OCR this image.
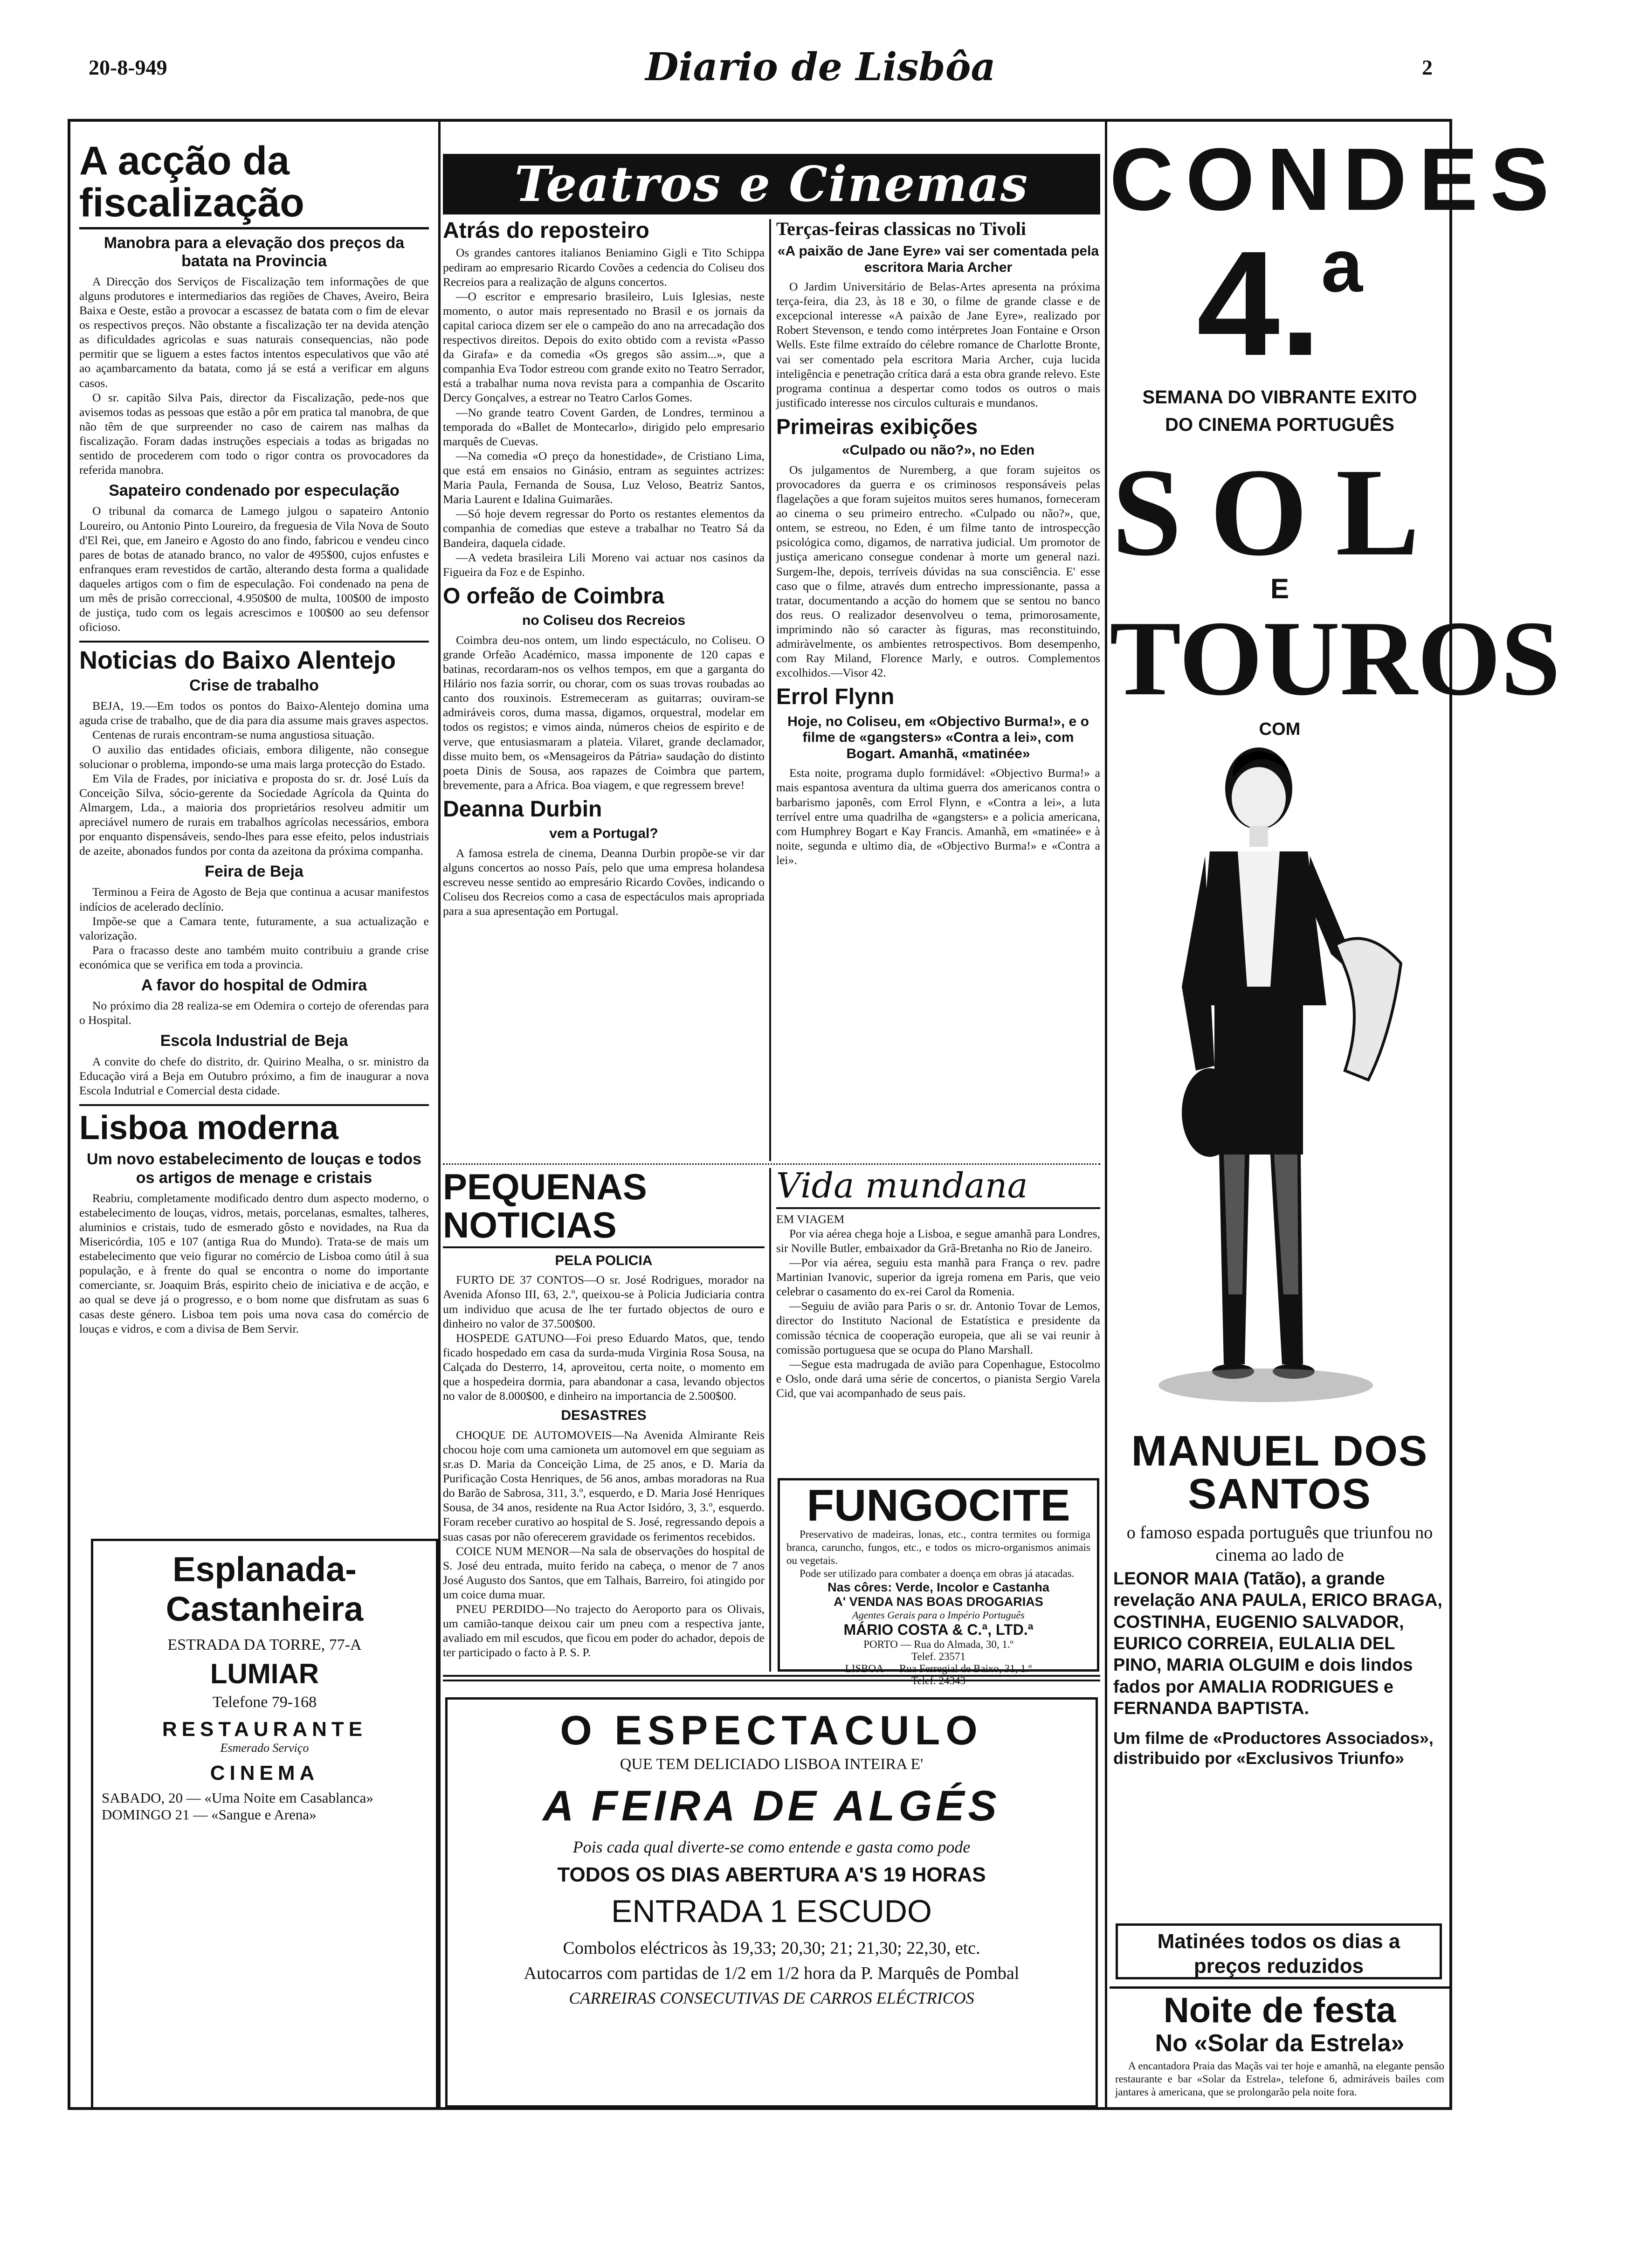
20-8-949	Diario de Lisbôa	2
A acção da fiscalização
Manobra para a elevação dos preços da batata na Provincia

A Direcção dos Serviços de Fiscalização tem informações de que alguns produtores e intermediarios das regiões de Chaves, Aveiro, Beira Baixa e Oeste, estão a provocar a escassez de batata com o fim de elevar os respectivos preços. Não obstante a fiscalização ter na devida atenção as dificuldades agricolas e suas naturais consequencias, não pode permitir que se liguem a estes factos intentos especulativos que vão até ao açambarcamento da batata, como já se está a verificar em alguns casos.

O sr. capitão Silva Pais, director da Fiscalização, pede-nos que avisemos todas as pessoas que estão a pôr em pratica tal manobra, de que não têm de que surpreender no caso de cairem nas malhas da fiscalização. Foram dadas instruções especiais a todas as brigadas no sentido de procederem com todo o rigor contra os provocadores da referida manobra.

Sapateiro condenado por especulação

O tribunal da comarca de Lamego julgou o sapateiro Antonio Loureiro, ou Antonio Pinto Loureiro, da freguesia de Vila Nova de Souto d'El Rei, que, em Janeiro e Agosto do ano findo, fabricou e vendeu cinco pares de botas de atanado branco, no valor de 495$00, cujos enfustes e enfranques eram revestidos de cartão, alterando desta forma a qualidade daqueles artigos com o fim de especulação. Foi condenado na pena de um mês de prisão correccional, 4.950$00 de multa, 100$00 de imposto de justiça, tudo com os legais acrescimos e 100$00 ao seu defensor oficioso.

Noticias do Baixo Alentejo
Crise de trabalho

BEJA, 19.—Em todos os pontos do Baixo-Alentejo domina uma aguda crise de trabalho, que de dia para dia assume mais graves aspectos.

Centenas de rurais encontram-se numa angustiosa situação.

O auxilio das entidades oficiais, embora diligente, não consegue solucionar o problema, impondo-se uma mais larga protecção do Estado.

Em Vila de Frades, por iniciativa e proposta do sr. dr. José Luís da Conceição Silva, sócio-gerente da Sociedade Agrícola da Quinta do Almargem, Lda., a maioria dos proprietários resolveu admitir um apreciável numero de rurais em trabalhos agrícolas necessários, embora por enquanto dispensáveis, sendo-lhes para esse efeito, pelos industriais de azeite, abonados fundos por conta da azeitona da próxima companha.

Feira de Beja

Terminou a Feira de Agosto de Beja que continua a acusar manifestos indícios de acelerado declínio.

Impõe-se que a Camara tente, futuramente, a sua actualização e valorização.

Para o fracasso deste ano também muito contribuiu a grande crise económica que se verifica em toda a provincia.

A favor do hospital de Odmira

No próximo dia 28 realiza-se em Odemira o cortejo de oferendas para o Hospital.

Escola Industrial de Beja

A convite do chefe do distrito, dr. Quirino Mealha, o sr. ministro da Educação virá a Beja em Outubro próximo, a fim de inaugurar a nova Escola Indutrial e Comercial desta cidade.

Lisboa moderna
Um novo estabelecimento de louças e todos os artigos de menage e cristais

Reabriu, completamente modificado dentro dum aspecto moderno, o estabelecimento de louças, vidros, metais, porcelanas, esmaltes, talheres, aluminios e cristais, tudo de esmerado gôsto e novidades, na Rua da Misericórdia, 105 e 107 (antiga Rua do Mundo). Trata-se de mais um estabelecimento que veio figurar no comércio de Lisboa como útil à sua população, e à frente do qual se encontra o nome do importante comerciante, sr. Joaquim Brás, espirito cheio de iniciativa e de acção, e ao qual se deve já o progresso, e o bom nome que disfrutam as suas 6 casas deste género. Lisboa tem pois uma nova casa do comércio de louças e vidros, e com a divisa de Bem Servir.

Teatros e Cinemas
Atrás do reposteiro

Os grandes cantores italianos Beniamino Gigli e Tito Schippa pediram ao empresario Ricardo Covões a cedencia do Coliseu dos Recreios para a realização de alguns concertos.

—O escritor e empresario brasileiro, Luis Iglesias, neste momento, o autor mais representado no Brasil e os jornais da capital carioca dizem ser ele o campeão do ano na arrecadação dos respectivos direitos. Depois do exito obtido com a revista «Passo da Girafa» e da comedia «Os gregos são assim...», que a companhia Eva Todor estreou com grande exito no Teatro Serrador, está a trabalhar numa nova revista para a companhia de Oscarito Dercy Gonçalves, a estrear no Teatro Carlos Gomes.

—No grande teatro Covent Garden, de Londres, terminou a temporada do «Ballet de Montecarlo», dirigido pelo empresario marquês de Cuevas.

—Na comedia «O preço da honestidade», de Cristiano Lima, que está em ensaios no Ginásio, entram as seguintes actrizes: Maria Paula, Fernanda de Sousa, Luz Veloso, Beatriz Santos, Maria Laurent e Idalina Guimarães.

—Só hoje devem regressar do Porto os restantes elementos da companhia de comedias que esteve a trabalhar no Teatro Sá da Bandeira, daquela cidade.

—A vedeta brasileira Lili Moreno vai actuar nos casinos da Figueira da Foz e de Espinho.

O orfeão de Coimbra
no Coliseu dos Recreios

Coimbra deu-nos ontem, um lindo espectáculo, no Coliseu. O grande Orfeão Académico, massa imponente de 120 capas e batinas, recordaram-nos os velhos tempos, em que a garganta do Hilário nos fazia sorrir, ou chorar, com os suas trovas roubadas ao canto dos rouxinois. Estremeceram as guitarras; ouviram-se admiráveis coros, duma massa, digamos, orquestral, modelar em todos os registos; e vimos ainda, números cheios de espirito e de verve, que entusiasmaram a plateia. Vilaret, grande declamador, disse muito bem, os «Mensageiros da Pátria» saudação do distinto poeta Dinis de Sousa, aos rapazes de Coimbra que partem, brevemente, para a Africa. Boa viagem, e que regressem breve!

Deanna Durbin
vem a Portugal?

A famosa estrela de cinema, Deanna Durbin propõe-se vir dar alguns concertos ao nosso País, pelo que uma empresa holandesa escreveu nesse sentido ao empresário Ricardo Covões, indicando o Coliseu dos Recreios como a casa de espectáculos mais apropriada para a sua apresentação em Portugal.

Terças-feiras classicas no Tivoli
«A paixão de Jane Eyre» vai ser comentada pela escritora Maria Archer

O Jardim Universitário de Belas-Artes apresenta na próxima terça-feira, dia 23, às 18 e 30, o filme de grande classe e de excepcional interesse «A paixão de Jane Eyre», realizado por Robert Stevenson, e tendo como intérpretes Joan Fontaine e Orson Wells. Este filme extraído do célebre romance de Charlotte Bronte, vai ser comentado pela escritora Maria Archer, cuja lucida inteligência e penetração crítica dará a esta obra grande relevo. Este programa continua a despertar como todos os outros o mais justificado interesse nos circulos culturais e mundanos.

Primeiras exibições
«Culpado ou não?», no Eden

Os julgamentos de Nuremberg, a que foram sujeitos os provocadores da guerra e os criminosos responsáveis pelas flagelações a que foram sujeitos muitos seres humanos, forneceram ao cinema o seu primeiro entrecho. «Culpado ou não?», que, ontem, se estreou, no Eden, é um filme tanto de introspecção psicológica como, digamos, de narrativa judicial. Um promotor de justiça americano consegue condenar à morte um general nazi. Surgem-lhe, depois, terríveis dúvidas na sua consciência. E' esse caso que o filme, através dum entrecho impressionante, passa a tratar, documentando a acção do homem que se sentou no banco dos reus. O realizador desenvolveu o tema, primorosamente, imprimindo não só caracter às figuras, mas reconstituindo, admiràvelmente, os ambientes retrospectivos. Bom desempenho, com Ray Miland, Florence Marly, e outros. Complementos excolhidos.—Visor 42.

Errol Flynn
Hoje, no Coliseu, em «Objectivo Burma!», e o filme de «gangsters» «Contra a lei», com Bogart. Amanhã, «matinée»

Esta noite, programa duplo formidável: «Objectivo Burma!» a mais espantosa aventura da ultima guerra dos americanos contra o barbarismo japonês, com Errol Flynn, e «Contra a lei», a luta terrível entre uma quadrilha de «gangsters» e a policia americana, com Humphrey Bogart e Kay Francis. Amanhã, em «matinée» e à noite, segunda e ultimo dia, de «Objectivo Burma!» e «Contra a lei».

PEQUENAS NOTICIAS
PELA POLICIA

FURTO DE 37 CONTOS—O sr. José Rodrigues, morador na Avenida Afonso III, 63, 2.º, queixou-se à Policia Judiciaria contra um individuo que acusa de lhe ter furtado objectos de ouro e dinheiro no valor de 37.500$00.

HOSPEDE GATUNO—Foi preso Eduardo Matos, que, tendo ficado hospedado em casa da surda-muda Virginia Rosa Sousa, na Calçada do Desterro, 14, aproveitou, certa noite, o momento em que a hospedeira dormia, para abandonar a casa, levando objectos no valor de 8.000$00, e dinheiro na importancia de 2.500$00.

DESASTRES

CHOQUE DE AUTOMOVEIS—Na Avenida Almirante Reis chocou hoje com uma camioneta um automovel em que seguiam as sr.as D. Maria da Conceição Lima, de 25 anos, e D. Maria da Purificação Costa Henriques, de 56 anos, ambas moradoras na Rua do Barão de Sabrosa, 311, 3.º, esquerdo, e D. Maria José Henriques Sousa, de 34 anos, residente na Rua Actor Isidóro, 3, 3.º, esquerdo. Foram receber curativo ao hospital de S. José, regressando depois a suas casas por não oferecerem gravidade os ferimentos recebidos.

COICE NUM MENOR—Na sala de observações do hospital de S. José deu entrada, muito ferido na cabeça, o menor de 7 anos José Augusto dos Santos, que em Talhais, Barreiro, foi atingido por um coice duma muar.

PNEU PERDIDO—No trajecto do Aeroporto para os Olivais, um camião-tanque deixou cair um pneu com a respectiva jante, avaliado em mil escudos, que ficou em poder do achador, depois de ter participado o facto à P. S. P.

Vida mundana

EM VIAGEM

Por via aérea chega hoje a Lisboa, e segue amanhã para Londres, sir Noville Butler, embaixador da Grã-Bretanha no Rio de Janeiro.

—Por via aérea, seguiu esta manhã para França o rev. padre Martinian Ivanovic, superior da igreja romena em Paris, que veio celebrar o casamento do ex-rei Carol da Romenia.

—Seguiu de avião para Paris o sr. dr. Antonio Tovar de Lemos, director do Instituto Nacional de Estatística e presidente da comissão técnica de cooperação europeia, que ali se vai reunir à comissão portuguesa que se ocupa do Plano Marshall.

—Segue esta madrugada de avião para Copenhague, Estocolmo e Oslo, onde dará uma série de concertos, o pianista Sergio Varela Cid, que vai acompanhado de seus pais.

FUNGOCITE

Preservativo de madeiras, lonas, etc., contra termites ou formiga branca, caruncho, fungos, etc., e todos os micro-organismos animais ou vegetais.

Pode ser utilizado para combater a doença em obras já atacadas.

Nas côres: Verde, Incolor e Castanha
A' VENDA NAS BOAS DROGARIAS
Agentes Gerais para o Império Português
MÁRIO COSTA & C.ª, LTD.ª
PORTO — Rua do Almada, 30, 1.º
Telef. 23571
LISBOA — Rua Ferregial de Baixo, 31, 1.º
Telef. 24343
Esplanada-Castanheira
ESTRADA DA TORRE, 77-A
LUMIAR
Telefone 79-168
RESTAURANTE
Esmerado Serviço
CINEMA
SABADO, 20 — «Uma Noite em Casablanca»
DOMINGO 21 — «Sangue e Arena»
O ESPECTACULO
QUE TEM DELICIADO LISBOA INTEIRA E'
A FEIRA DE ALGÉS
Pois cada qual diverte-se como entende e gasta como pode
TODOS OS DIAS ABERTURA A'S 19 HORAS
ENTRADA 1 ESCUDO
Combolos eléctricos às 19,33; 20,30; 21; 21,30; 22,30, etc.
Autocarros com partidas de 1/2 em 1/2 hora da P. Marquês de Pombal
CARREIRAS CONSECUTIVAS DE CARROS ELÉCTRICOS
CONDES
4.a
SEMANA DO VIBRANTE EXITO
DO CINEMA PORTUGUÊS
SOL
E
TOUROS
COM
MANUEL DOS SANTOS
o famoso espada português que triunfou no cinema ao lado de
LEONOR MAIA (Tatão), a grande revelação ANA PAULA, ERICO BRAGA, COSTINHA, EUGENIO SALVADOR, EURICO CORREIA, EULALIA DEL PINO, MARIA OLGUIM e dois lindos fados por AMALIA RODRIGUES e FERNANDA BAPTISTA.
Um filme de «Productores Associados», distribuido por «Exclusivos Triunfo»
Matinées todos os dias a preços reduzidos
Noite de festa
No «Solar da Estrela»

A encantadora Praia das Maçãs vai ter hoje e amanhã, na elegante pensão restaurante e bar «Solar da Estrela», telefone 6, admiráveis bailes com jantares à americana, que se prolongarão pela noite fora.
